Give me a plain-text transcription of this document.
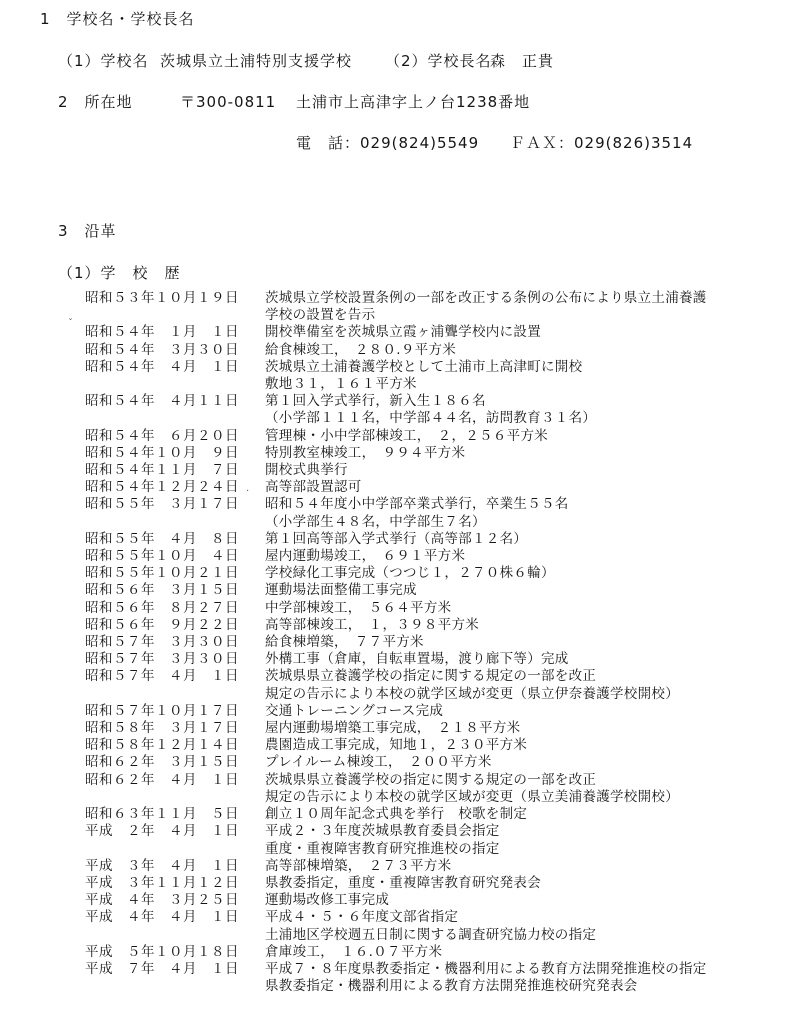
1　学校名・学校長名
（1）学校名 茨城県立土浦特別支援学校 （2）学校長名
森　正貴
2　所在地	〒300-0811 土浦市上高津字上ノ台1238番地
電　話：029(824)5549 ＦＡＸ：029(826)3514
3　沿革
（1）学　校　歴
昭和５３年１０月１９日	茨城県立学校設置条例の一部を改正する条例の公布により県立土浦養護
学校の設置を告示
昭和５４年　１月　１日	開校準備室を茨城県立霞ヶ浦聾学校内に設置
昭和５４年　３月３０日	給食棟竣工，　２８０.９平方米
昭和５４年　４月　１日	茨城県立土浦養護学校として土浦市上高津町に開校
敷地３１，１６１平方米
昭和５４年　４月１１日	第１回入学式挙行，新入生１８６名
（小学部１１１名，中学部４４名，訪問教育３１名）
昭和５４年　６月２０日	管理棟・小中学部棟竣工，　２，２５６平方米
昭和５４年１０月　９日	特別教室棟竣工，　９９４平方米
昭和５４年１１月　７日	開校式典挙行
昭和５４年１２月２４日	高等部設置認可
昭和５５年　３月１７日	昭和５４年度小中学部卒業式挙行，卒業生５５名
（小学部生４８名，中学部生７名）
昭和５５年　４月　８日	第１回高等部入学式挙行（高等部１２名）
昭和５５年１０月　４日	屋内運動場竣工，　６９１平方米
昭和５５年１０月２１日	学校緑化工事完成（つつじ１，２７０株６輪）
昭和５６年　３月１５日	運動場法面整備工事完成
昭和５６年　８月２７日	中学部棟竣工，　５６４平方米
昭和５６年　９月２２日	高等部棟竣工，　１，３９８平方米
昭和５７年　３月３０日	給食棟増築，　７７平方米
昭和５７年　３月３０日	外構工事（倉庫，自転車置場，渡り廊下等）完成
昭和５７年　４月　１日	茨城県県立養護学校の指定に関する規定の一部を改正
規定の告示により本校の就学区域が変更（県立伊奈養護学校開校）
昭和５７年１０月１７日	交通トレーニングコース完成
昭和５８年　３月１７日	屋内運動場増築工事完成，　２１８平方米
昭和５８年１２月１４日	農園造成工事完成，知地１，２３０平方米
昭和６２年　３月１５日	プレイルーム棟竣工，　２００平方米
昭和６２年　４月　１日	茨城県県立養護学校の指定に関する規定の一部を改正
規定の告示により本校の就学区域が変更（県立美浦養護学校開校）
昭和６３年１１月　５日	創立１０周年記念式典を挙行　校歌を制定
平成　２年　４月　１日	平成２・３年度茨城県教育委員会指定
重度・重複障害教育研究推進校の指定
平成　３年　４月　１日	高等部棟増築，　２７３平方米
平成　３年１１月１２日	県教委指定，重度・重複障害教育研究発表会
平成　４年　３月２５日	運動場改修工事完成
平成　４年　４月　１日	平成４・５・６年度文部省指定
土浦地区学校週五日制に関する調査研究協力校の指定
平成　５年１０月１８日	倉庫竣工，　１６.０７平方米
平成　７年　４月　１日	平成７・８年度県教委指定・機器利用による教育方法開発推進校の指定
県教委指定・機器利用による教育方法開発推進校研究発表会
ˇ
·
